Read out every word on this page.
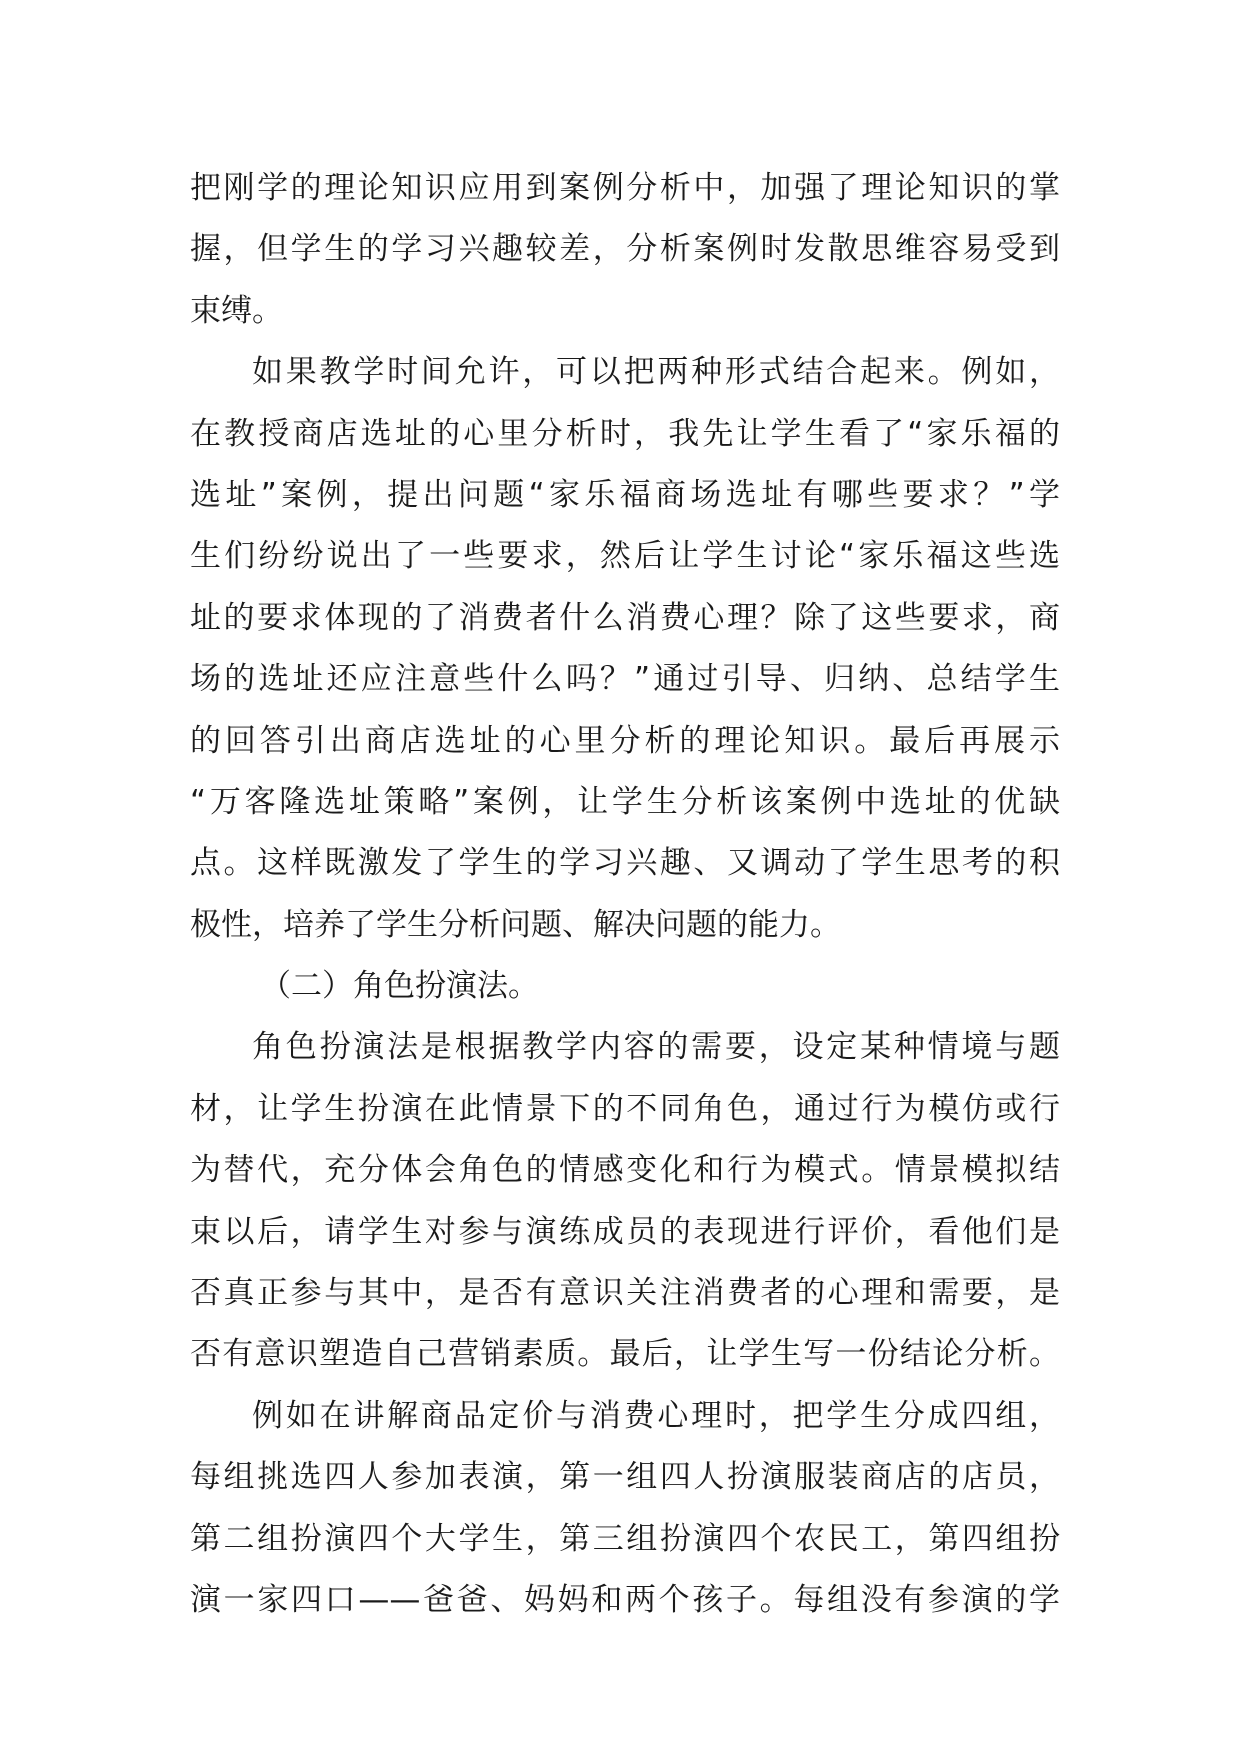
把刚学的理论知识应用到案例分析中，加强了理论知识的掌
握，但学生的学习兴趣较差，分析案例时发散思维容易受到
束缚。
如果教学时间允许，可以把两种形式结合起来。例如，
在教授商店选址的心里分析时，我先让学生看了“家乐福的
选址”案例，提出问题“家乐福商场选址有哪些要求？”学
生们纷纷说出了一些要求，然后让学生讨论“家乐福这些选
址的要求体现的了消费者什么消费心理？除了这些要求，商
场的选址还应注意些什么吗？”通过引导、归纳、总结学生
的回答引出商店选址的心里分析的理论知识。最后再展示
“万客隆选址策略”案例，让学生分析该案例中选址的优缺
点。这样既激发了学生的学习兴趣、又调动了学生思考的积
极性，培养了学生分析问题、解决问题的能力。
（二）角色扮演法。
角色扮演法是根据教学内容的需要，设定某种情境与题
材，让学生扮演在此情景下的不同角色，通过行为模仿或行
为替代，充分体会角色的情感变化和行为模式。情景模拟结
束以后，请学生对参与演练成员的表现进行评价，看他们是
否真正参与其中，是否有意识关注消费者的心理和需要，是
否有意识塑造自己营销素质。最后，让学生写一份结论分析。
例如在讲解商品定价与消费心理时，把学生分成四组，
每组挑选四人参加表演，第一组四人扮演服装商店的店员，
第二组扮演四个大学生，第三组扮演四个农民工，第四组扮
演一家四口——爸爸、妈妈和两个孩子。每组没有参演的学
